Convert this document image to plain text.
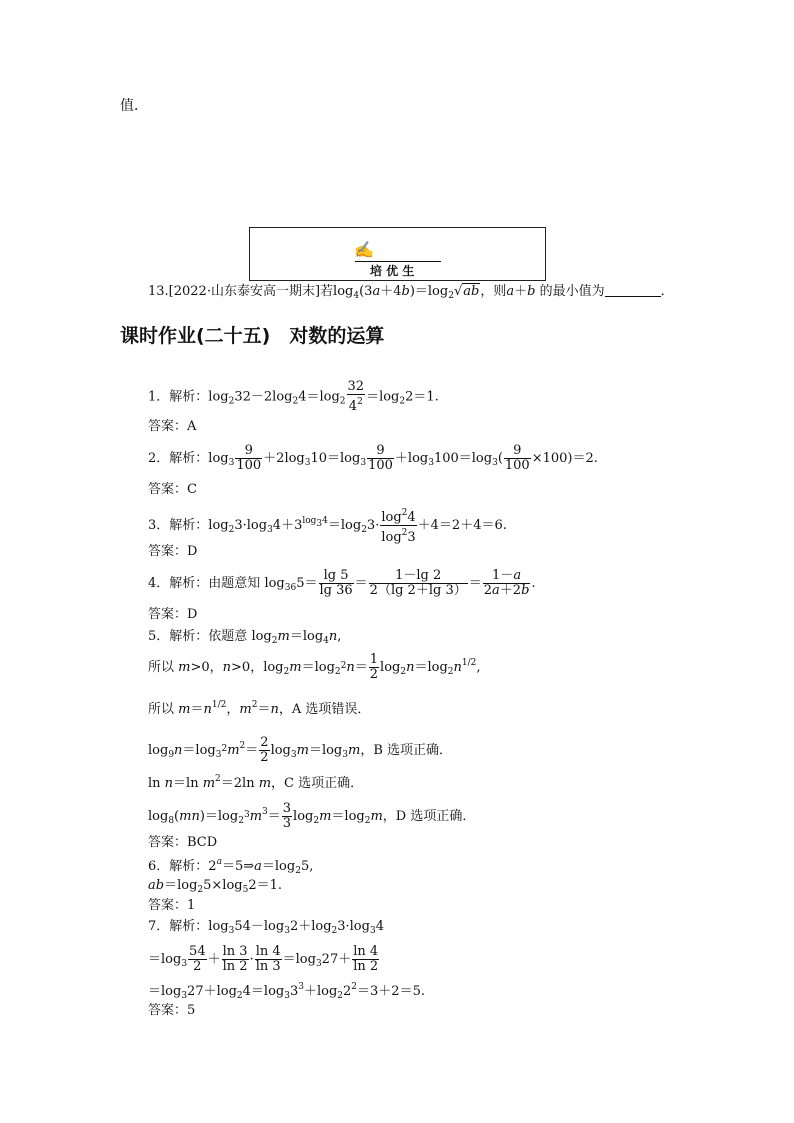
值．
✍
培 优 生
13.[2022·山东泰安高一期末]若$\log_4(3a+4b)=\log_2√ab$，则a＋b 的最小值为	．
课时作业(二十五)　对数的运算
1．解析：$\log_232-2\log_24=\log_2 \frac{32}{4^2} =\log_22=1$.
答案：A
2．解析：$\log_3 \frac{9}{100} +2\log_310=\log_3 \frac{9}{100} +\log_3100=\log_3( \frac{9}{100} \times 100)=2$.
答案：C
3．解析：$\log_23\cdot\log_34+3^{log_34}=\log_23\cdot \frac{\log^24}{\log^23} +4=2+4=6$.
答案：D
4．解析：由题意知 $\log_{36}5= \frac{\lg 5}{\lg 36} = \frac{1-\lg 2}{2(\lg 2+\lg 3)} = \frac{1-a}{2a+2b}$ .
答案：D
5．解析：依题意 $\log_2m=\log_4n$,
所以 m>0，n>0，$\log_2m=\log_{2^2}n= \frac{1}{2} \log_2n=\log_2n^{1/2}$,
所以 $m=n^{1/2}$，$m^2=n$，A 选项错误．
$\log_9n=\log_{3^2}m^2= \frac{2}{2} \log_3m=\log_3m$，B 选项正确．
ln n＝ln $m^2=2\ln$ m，C 选项正确．
$\log_8(mn)=\log_{2^3}m^3= \frac{3}{3} \log_2m=\log_2m$，D 选项正确．
答案：BCD
6．解析：$2^a=5\Rightarrow a=\log_25$,
$ab=\log_25\times\log_52=1$.
答案：1
7．解析：$\log_354-\log_32+\log_23\cdot\log_34$
$=\log_3 \frac{54}{2} + \frac{\ln 3}{\ln 2} \cdot \frac{\ln 4}{\ln 3} =\log_327+ \frac{\ln 4}{\ln 2}$
$=\log_327+\log_24=\log_33^3+\log_22^2=3+2=5$.
答案：5
